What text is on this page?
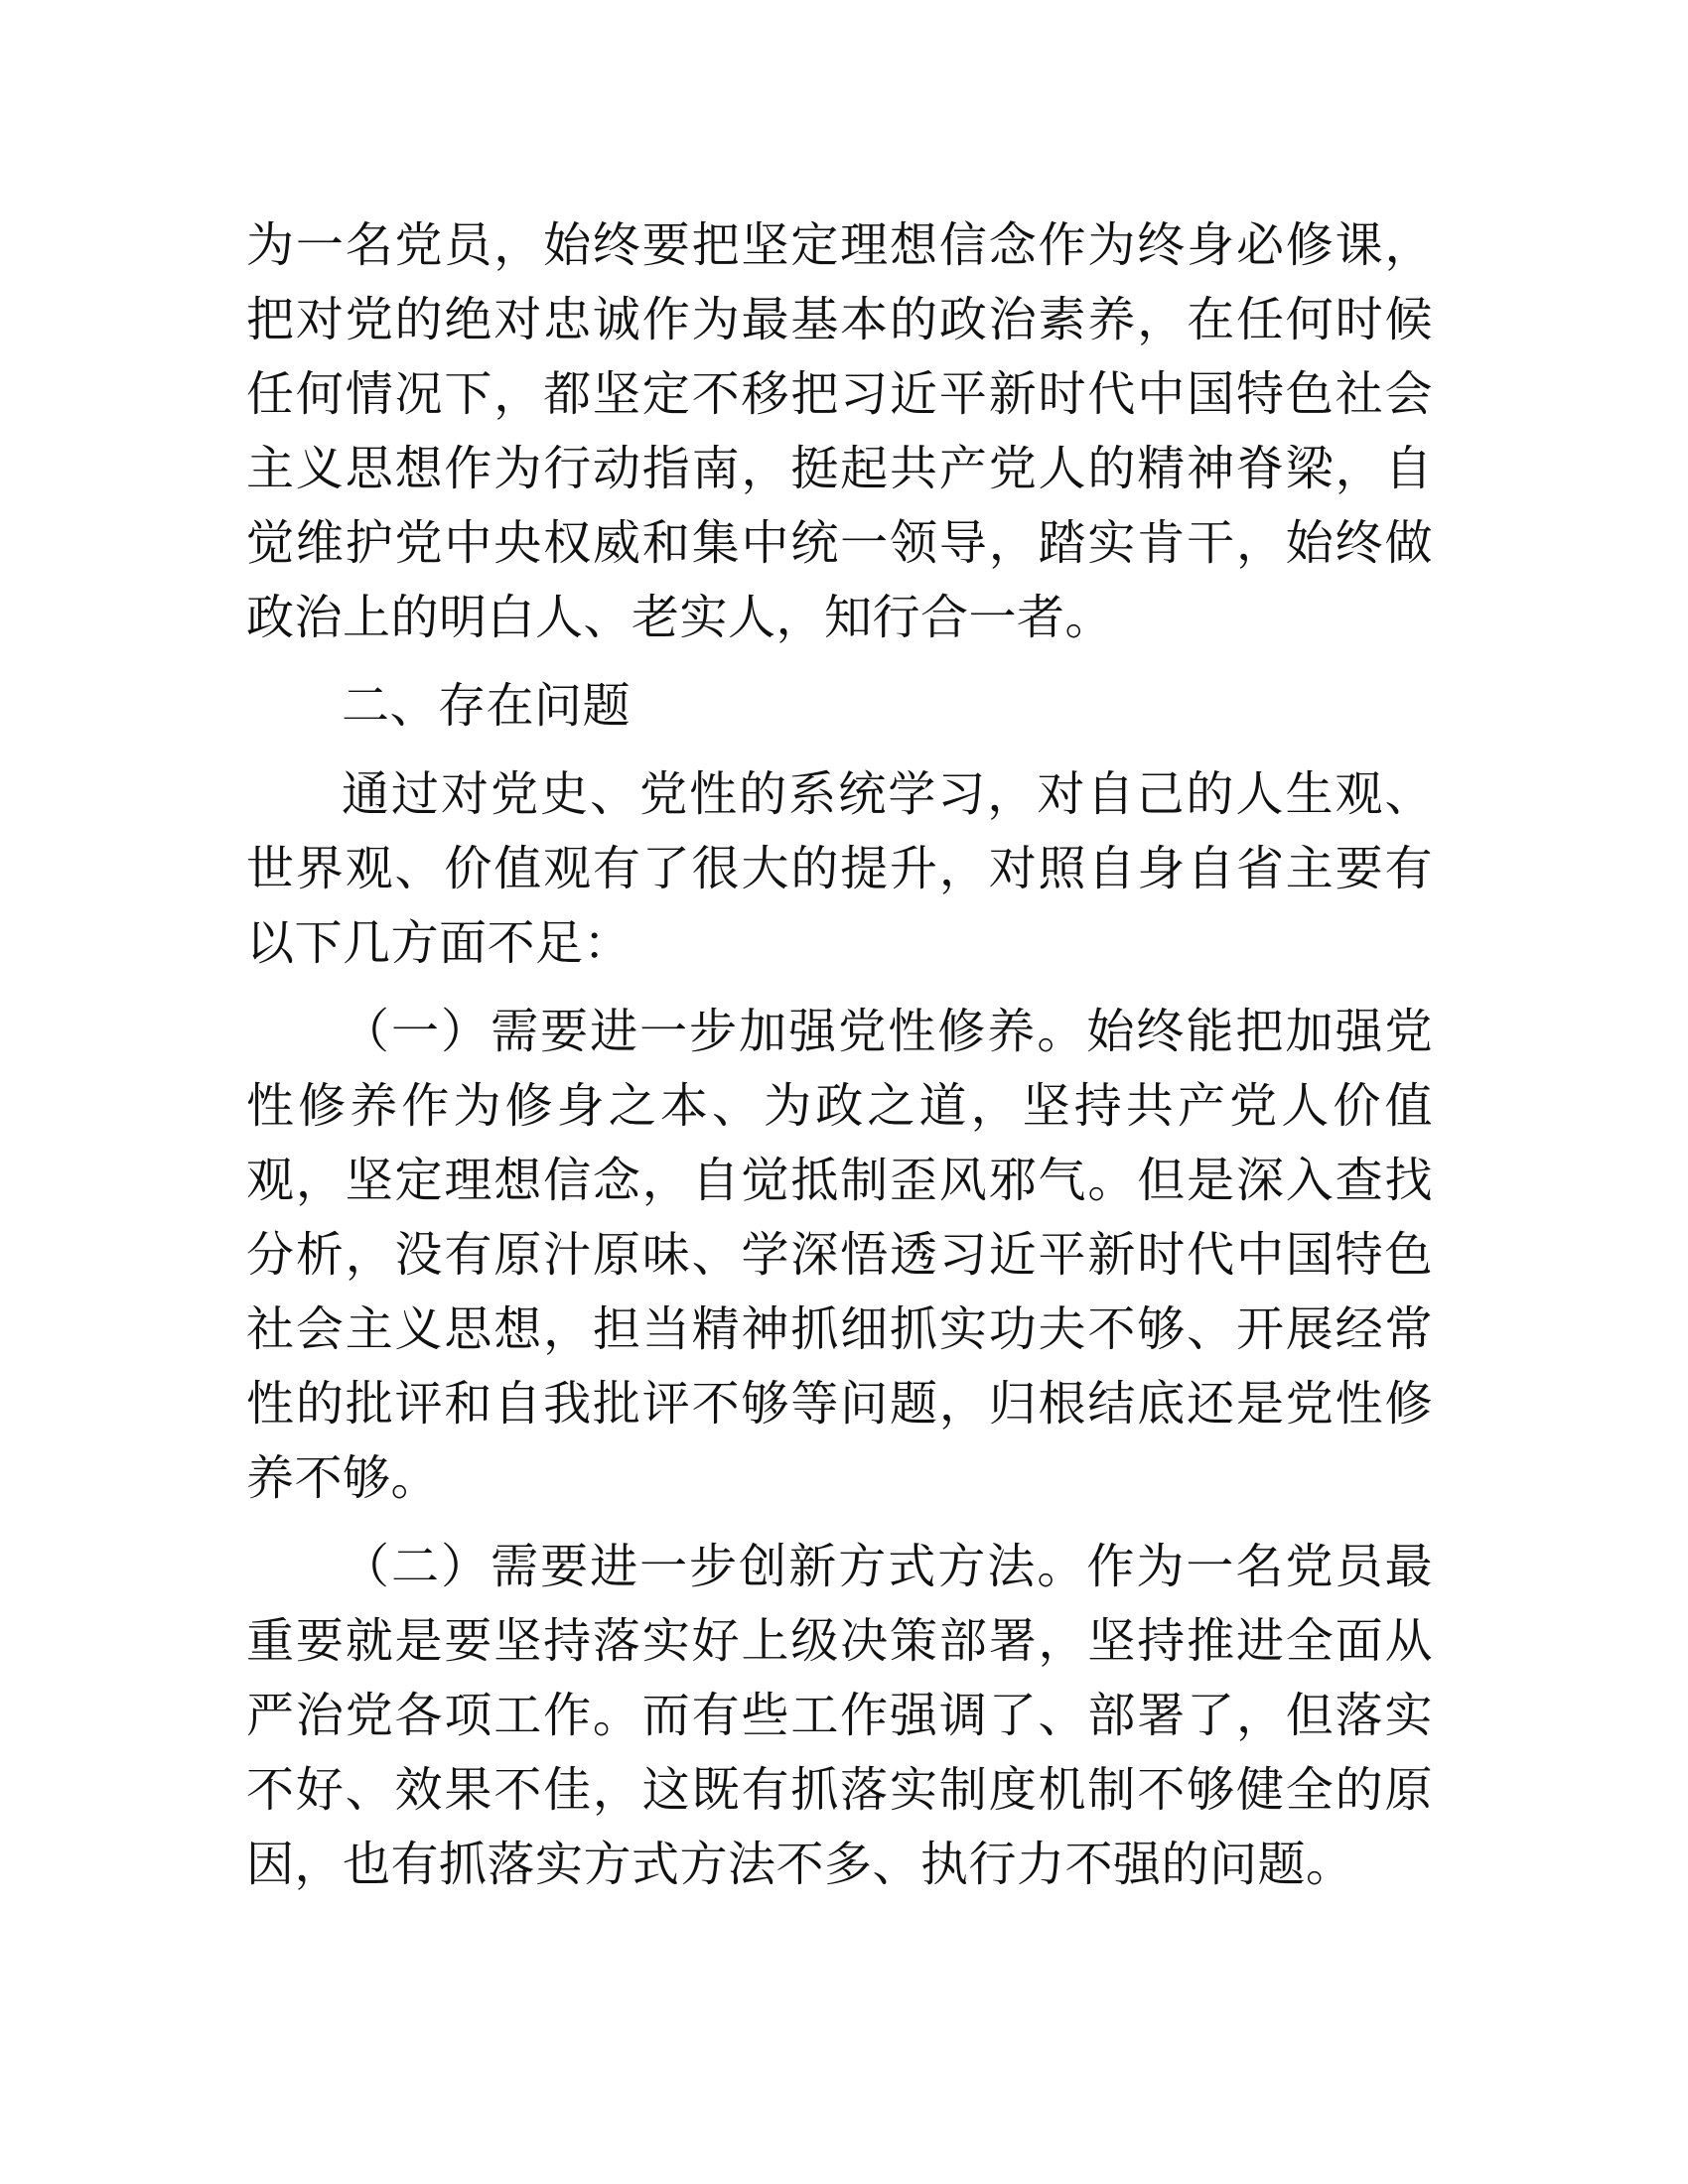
为一名党员，始终要把坚定理想信念作为终身必修课，把对党的绝对忠诚作为最基本的政治素养，在任何时候任何情况下，都坚定不移把习近平新时代中国特色社会主义思想作为行动指南，挺起共产党人的精神脊梁，自觉维护党中央权威和集中统一领导，踏实肯干，始终做政治上的明白人、老实人，知行合一者。

二、存在问题

通过对党史、党性的系统学习，对自己的人生观、世界观、价值观有了很大的提升，对照自身自省主要有以下几方面不足：

（一）需要进一步加强党性修养。始终能把加强党性修养作为修身之本、为政之道，坚持共产党人价值观，坚定理想信念，自觉抵制歪风邪气。但是深入查找分析，没有原汁原味、学深悟透习近平新时代中国特色社会主义思想，担当精神抓细抓实功夫不够、开展经常性的批评和自我批评不够等问题，归根结底还是党性修养不够。

（二）需要进一步创新方式方法。作为一名党员最重要就是要坚持落实好上级决策部署，坚持推进全面从严治党各项工作。而有些工作强调了、部署了，但落实不好、效果不佳，这既有抓落实制度机制不够健全的原因，也有抓落实方式方法不多、执行力不强的问题。
